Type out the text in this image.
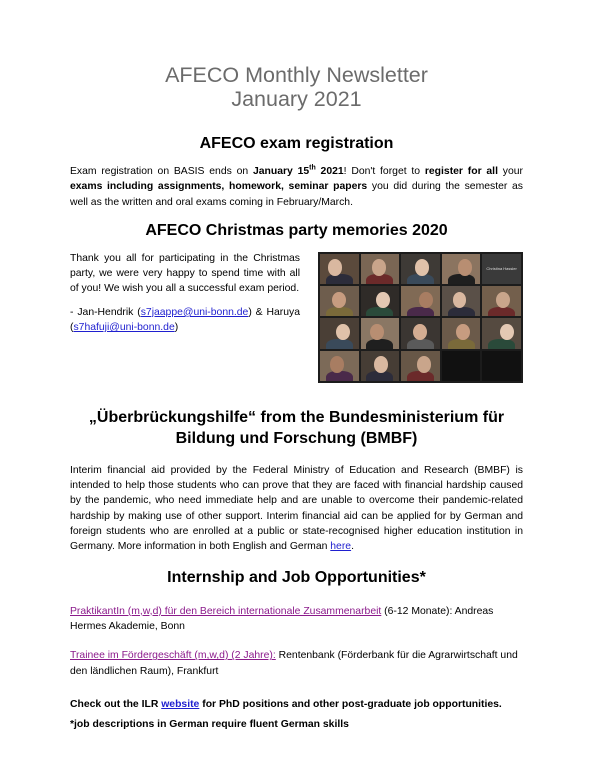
AFECO Monthly Newsletter
January 2021
AFECO exam registration

Exam registration on BASIS ends on January 15th 2021! Don't forget to register for all your exams including assignments, homework, seminar papers you did during the semester as well as the written and oral exams coming in February/March.

AFECO Christmas party memories 2020

Thank you all for participating in the Christmas party, we were very happy to spend time with all of you! We wish you all a successful exam period.

- Jan-Hendrik (s7jaappe@uni-bonn.de) & Haruya (s7hafuji@uni-bonn.de)

Christina Hassler
„Überbrückungshilfe“ from the Bundesministerium für
Bildung und Forschung (BMBF)

Interim financial aid provided by the Federal Ministry of Education and Research (BMBF) is intended to help those students who can prove that they are faced with financial hardship caused by the pandemic, who need immediate help and are unable to overcome their pandemic-related hardship by making use of other support. Interim financial aid can be applied for by German and foreign students who are enrolled at a public or state-recognised higher education institution in Germany. More information in both English and German here.

Internship and Job Opportunities*

PraktikantIn (m,w,d) für den Bereich internationale Zusammenarbeit (6-12 Monate): Andreas Hermes Akademie, Bonn

Trainee im Fördergeschäft (m,w,d) (2 Jahre): Rentenbank (Förderbank für die Agrarwirtschaft und den ländlichen Raum), Frankfurt

Check out the ILR website for PhD positions and other post-graduate job opportunities.

*job descriptions in German require fluent German skills
